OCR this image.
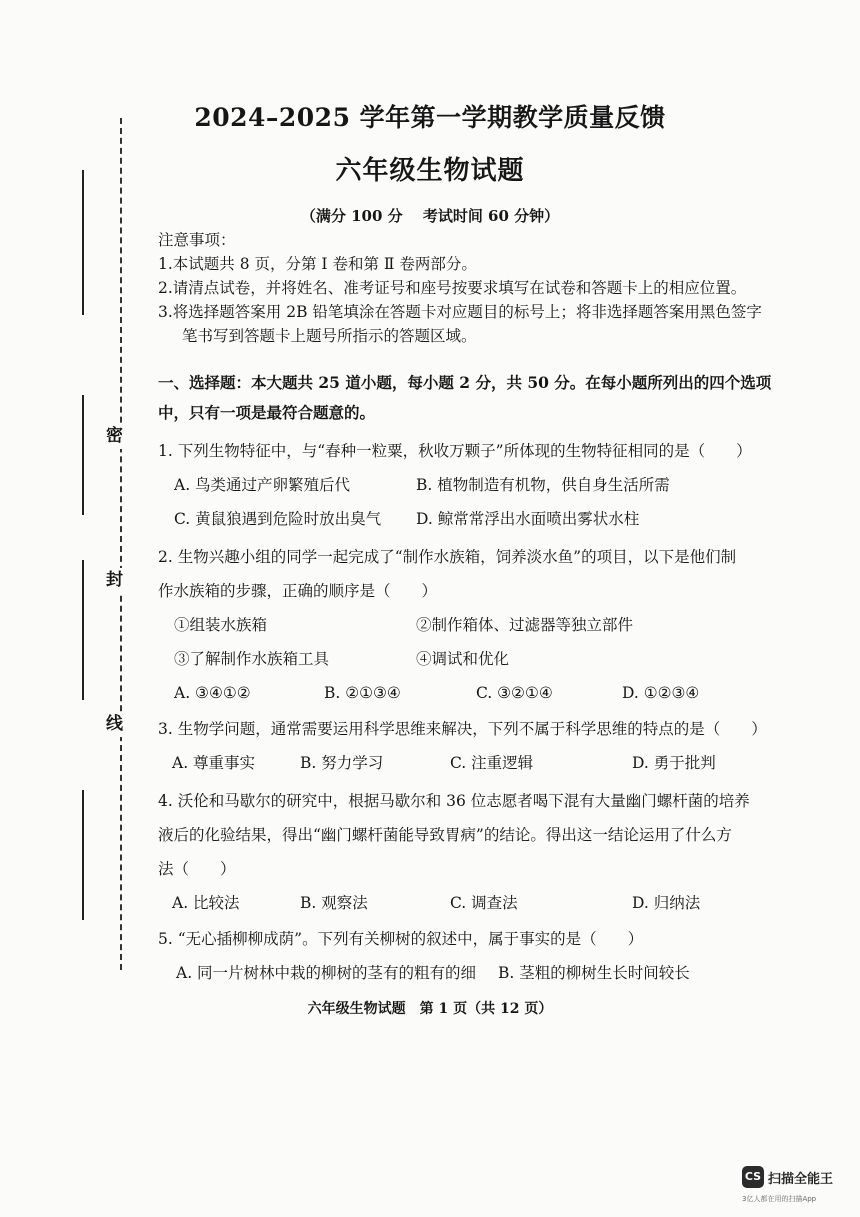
密
封
线
2024–2025 学年第一学期教学质量反馈
六年级生物试题
（满分 100 分　 考试时间 60 分钟）
注意事项：
1.本试题共 8 页，分第 Ⅰ 卷和第 Ⅱ 卷两部分。
2.请清点试卷，并将姓名、准考证号和座号按要求填写在试卷和答题卡上的相应位置。
3.将选择题答案用 2B 铅笔填涂在答题卡对应题目的标号上；将非选择题答案用黑色签字
笔书写到答题卡上题号所指示的答题区域。
一、选择题：本大题共 25 道小题，每小题 2 分，共 50 分。在每小题所列出的四个选项
中，只有一项是最符合题意的。
1. 下列生物特征中，与“春种一粒粟，秋收万颗子”所体现的生物特征相同的是（　　）
A. 鸟类通过产卵繁殖后代	B. 植物制造有机物，供自身生活所需
C. 黄鼠狼遇到危险时放出臭气 D. 鲸常常浮出水面喷出雾状水柱
2. 生物兴趣小组的同学一起完成了“制作水族箱，饲养淡水鱼”的项目，以下是他们制
作水族箱的步骤，正确的顺序是（　　）
①组装水族箱	②制作箱体、过滤器等独立部件
③了解制作水族箱工具	④调试和优化
A. ③④①②	B. ②①③④	C. ③②①④	D. ①②③④
3. 生物学问题，通常需要运用科学思维来解决，下列不属于科学思维的特点的是（　　）
A. 尊重事实	B. 努力学习	C. 注重逻辑	D. 勇于批判
4. 沃伦和马歇尔的研究中，根据马歇尔和 36 位志愿者喝下混有大量幽门螺杆菌的培养
液后的化验结果，得出“幽门螺杆菌能导致胃病”的结论。得出这一结论运用了什么方
法（　　）
A. 比较法	B. 观察法	C. 调查法	D. 归纳法
5. “无心插柳柳成荫”。下列有关柳树的叙述中，属于事实的是（　　）
A. 同一片树林中栽的柳树的茎有的粗有的细 B. 茎粗的柳树生长时间较长
六年级生物试题　第 1 页（共 12 页）
CS 扫描全能王
3亿人都在用的扫描App
